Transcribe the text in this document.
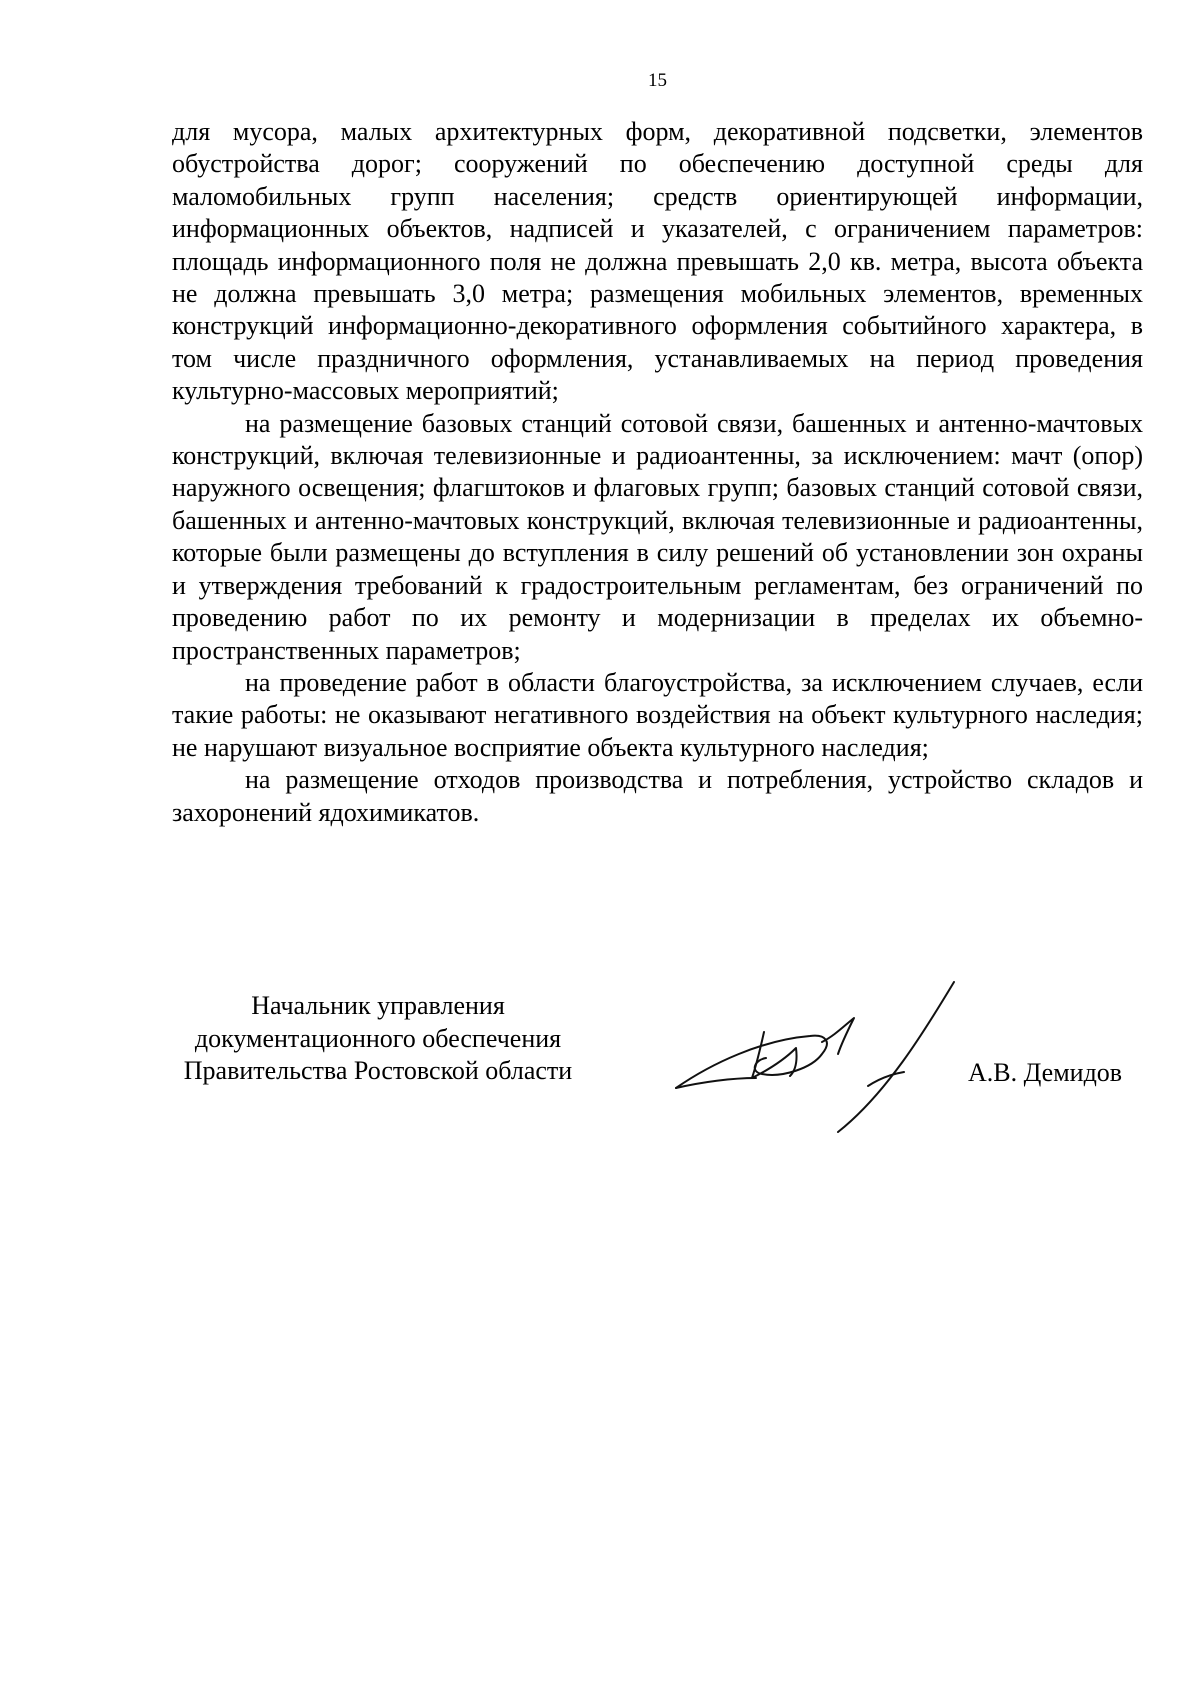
15

для мусора, малых архитектурных форм, декоративной подсветки, элементов обустройства дорог; сооружений по обеспечению доступной среды для маломобильных групп населения; средств ориентирующей информации, информационных объектов, надписей и указателей, с ограничением параметров: площадь информационного поля не должна превышать 2,0 кв. метра, высота объекта не должна превышать 3,0 метра; размещения мобильных элементов, временных конструкций информационно-декоративного оформления событийного характера, в том числе праздничного оформления, устанавливаемых на период проведения культурно-массовых мероприятий;

на размещение базовых станций сотовой связи, башенных и антенно-мачтовых конструкций, включая телевизионные и радиоантенны, за исключением: мачт (опор) наружного освещения; флагштоков и флаговых групп; базовых станций сотовой связи, башенных и антенно-мачтовых конструкций, включая телевизионные и радиоантенны, которые были размещены до вступления в силу решений об установлении зон охраны и утверждения требований к градостроительным регламентам, без ограничений по проведению работ по их ремонту и модернизации в пределах их объемно-пространственных параметров;

на проведение работ в области благоустройства, за исключением случаев, если такие работы: не оказывают негативного воздействия на объект культурного наследия; не нарушают визуальное восприятие объекта культурного наследия;

на размещение отходов производства и потребления, устройство складов и захоронений ядохимикатов.

Начальник управления
документационного обеспечения
Правительства Ростовской области	А.В. Демидов
